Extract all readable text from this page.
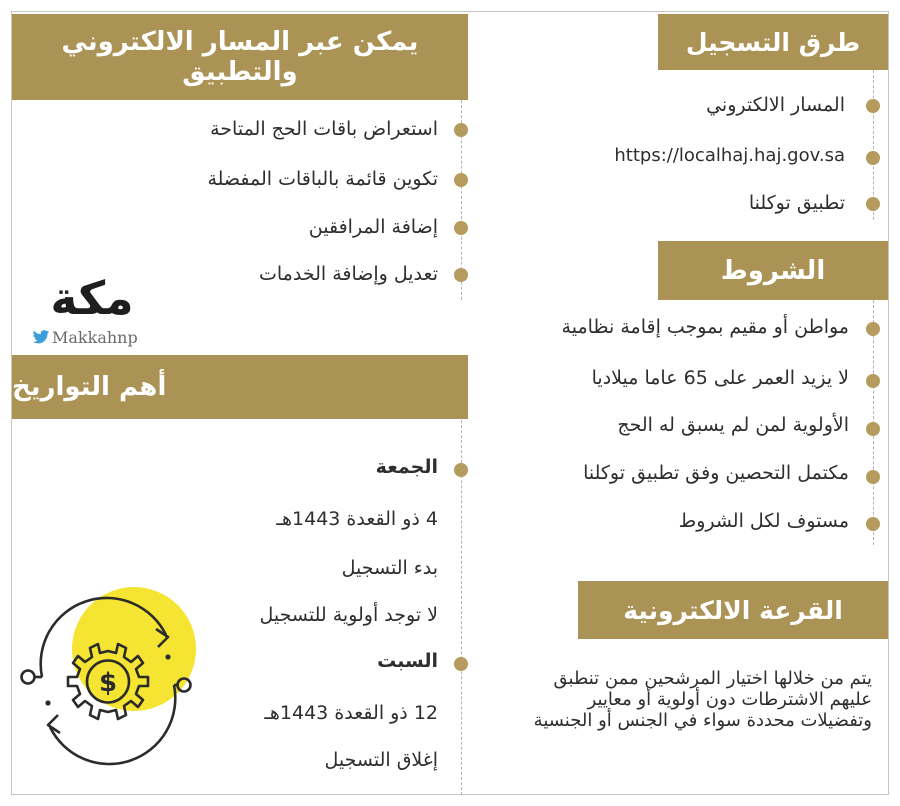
طرق التسجيل
المسار الالكتروني
https://localhaj.haj.gov.sa
تطبيق توكلنا
الشروط
مواطن أو مقيم بموجب إقامة نظامية
لا يزيد العمر على 65 عاما ميلاديا
الأولوية لمن لم يسبق له الحج
مكتمل التحصين وفق تطبيق توكلنا
مستوف لكل الشروط
القرعة الالكترونية
يتم من خلالها اختيار المرشحين ممن تنطبق عليهم الاشترطات دون أولوية أو معايير وتفضيلات محددة سواء في الجنس أو الجنسية
يمكن عبر المسار الالكتروني والتطبيق
استعراض باقات الحج المتاحة
تكوين قائمة بالباقات المفضلة
إضافة المرافقين
تعديل وإضافة الخدمات
مكة
Makkahnp
أهم التواريخ
الجمعة
4 ذو القعدة 1443هـ
بدء التسجيل
لا توجد أولوية للتسجيل
السبت
12 ذو القعدة 1443هـ
إغلاق التسجيل
$
